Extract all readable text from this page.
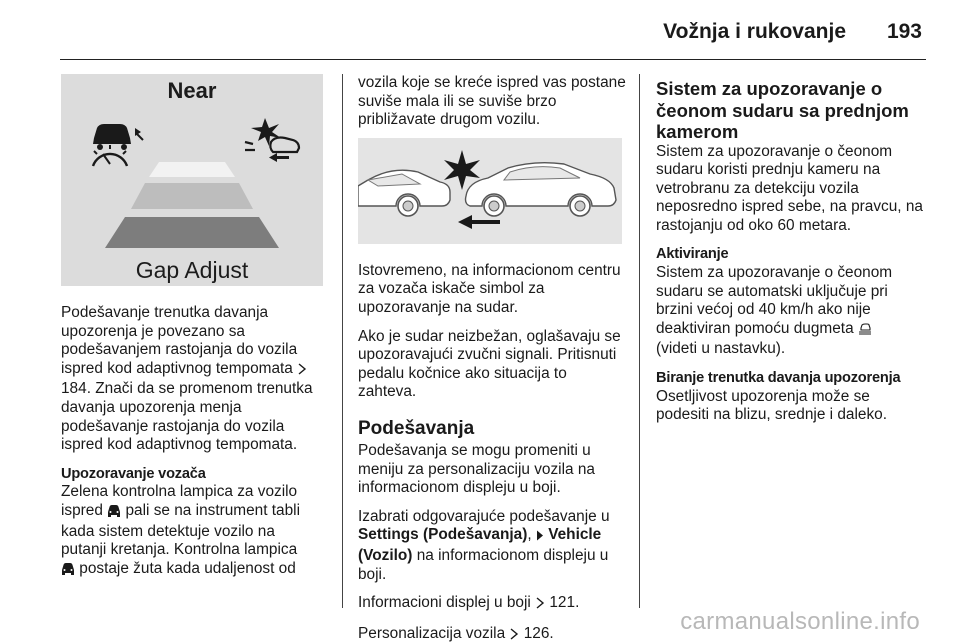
Vožnja i rukovanje 193
Near
Gap Adjust

Podešavanje trenutka davanja upozorenja je povezano sa podešavanjem rastojanja do vozila ispred kod adaptivnog tempomata  184. Znači da se promenom trenutka davanja upozorenja menja podešavanje rastojanja do vozila ispred kod adaptivnog tempomata.

Upozoravanje vozača

Zelena kontrolna lampica za vozilo ispred pali se na instrument tabli kada sistem detektuje vozilo na putanji kretanja. Kontrolna lampica
postaje žuta kada udaljenost od

vozila koje se kreće ispred vas postane suviše mala ili se suviše brzo približavate drugom vozilu.

Istovremeno, na informacionom centru za vozača iskače simbol za upozoravanje na sudar.

Ako je sudar neizbežan, oglašavaju se upozoravajući zvučni signali. Pritisnuti pedalu kočnice ako situacija to zahteva.

Podešavanja

Podešavanja se mogu promeniti u meniju za personalizaciju vozila na informacionom displeju u boji.

Izabrati odgovarajuće podešavanje u Settings (Podešavanja),  Vehicle (Vozilo) na informacionom displeju u boji.

Informacioni displej u boji 121.

Personalizacija vozila 126.

Sistem za upozoravanje o čeonom sudaru sa prednjom kamerom

Sistem za upozoravanje o čeonom sudaru koristi prednju kameru na vetrobranu za detekciju vozila neposredno ispred sebe, na pravcu, na rastojanju od oko 60 metara.

Aktiviranje

Sistem za upozoravanje o čeonom sudaru se automatski uključuje pri brzini većoj od 40 km/h ako nije deaktiviran pomoću dugmeta
(videti u nastavku).

Biranje trenutka davanja upozorenja

Osetljivost upozorenja može se podesiti na blizu, srednje i daleko.

carmanualsonline.info
